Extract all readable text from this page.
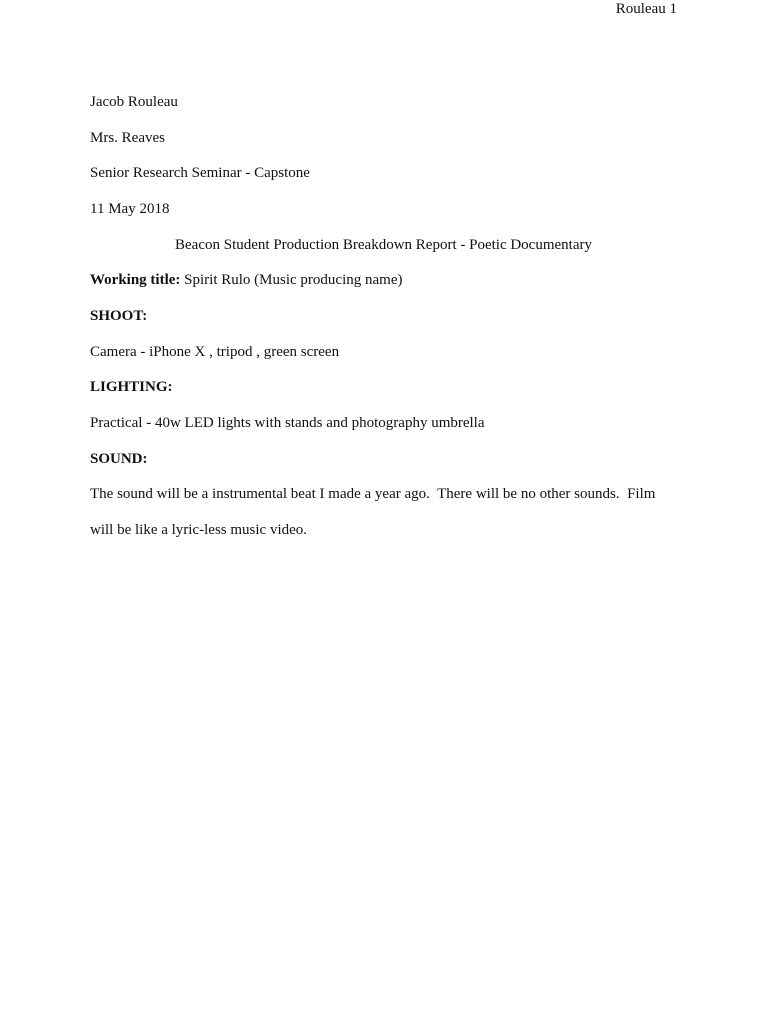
Rouleau 1
Jacob Rouleau
Mrs. Reaves
Senior Research Seminar - Capstone
11 May 2018
Beacon Student Production Breakdown Report - Poetic Documentary
Working title: Spirit Rulo (Music producing name)
SHOOT:
Camera - iPhone X , tripod , green screen
LIGHTING:
Practical - 40w LED lights with stands and photography umbrella
SOUND:
The sound will be a instrumental beat I made a year ago.  There will be no other sounds.  Film
will be like a lyric-less music video.
